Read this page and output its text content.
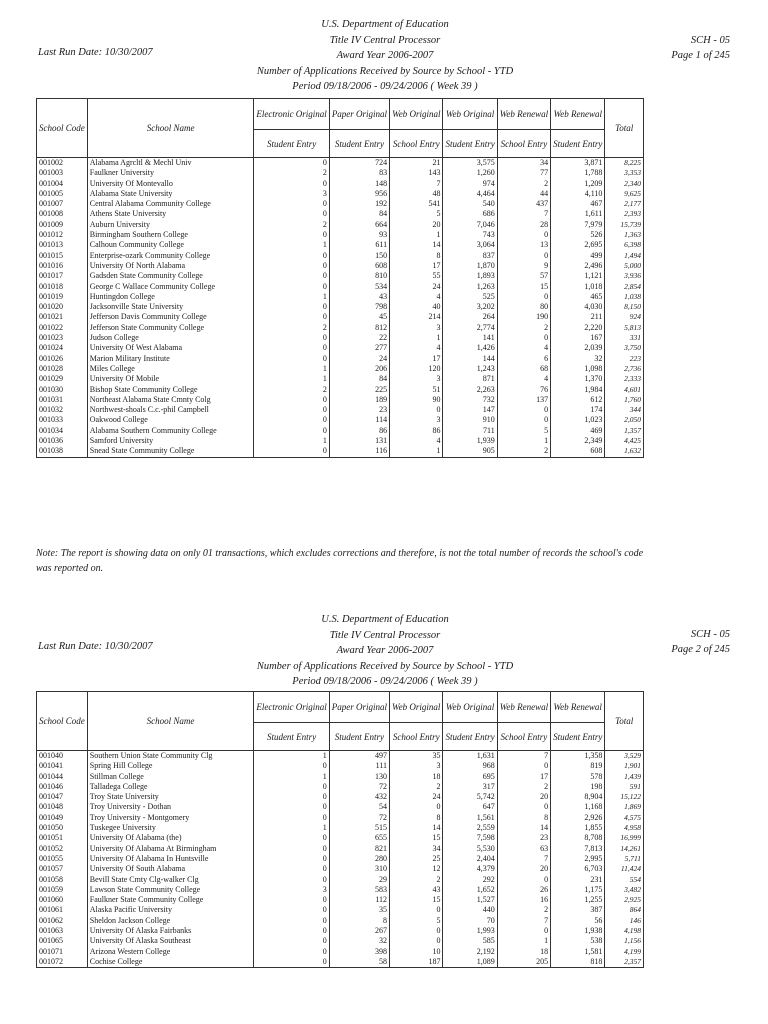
U.S. Department of Education
Title IV Central Processor
Award Year 2006-2007
Number of Applications Received by Source by School - YTD
Period 09/18/2006 - 09/24/2006 ( Week 39 )
Last Run Date: 10/30/2007
SCH - 05
Page 1 of 245
School Code	School Name	Electronic Original	Paper Original	Web Original	Web Original	Web Renewal	Web Renewal	Total
		Student Entry	Student Entry	School Entry	Student Entry	School Entry	Student Entry	
001002	Alabama Agrcltl & Mechl Univ	0	724	21	3,575	34	3,871	8,225
001003	Faulkner University	2	83	143	1,260	77	1,788	3,353
001004	University Of Montevallo	0	148	7	974	2	1,209	2,340
001005	Alabama State University	3	956	48	4,464	44	4,110	9,625
001007	Central Alabama Community College	0	192	541	540	437	467	2,177
001008	Athens State University	0	84	5	686	7	1,611	2,393
001009	Auburn University	2	664	20	7,046	28	7,979	15,739
001012	Birmingham Southern College	0	93	1	743	0	526	1,363
001013	Calhoun Community College	1	611	14	3,064	13	2,695	6,398
001015	Enterprise-ozark Community College	0	150	8	837	0	499	1,494
001016	University Of North Alabama	0	608	17	1,870	9	2,496	5,000
001017	Gadsden State Community College	0	810	55	1,893	57	1,121	3,936
001018	George C Wallace Community College	0	534	24	1,263	15	1,018	2,854
001019	Huntingdon College	1	43	4	525	0	465	1,038
001020	Jacksonville State University	0	798	40	3,202	80	4,030	8,150
001021	Jefferson Davis Community College	0	45	214	264	190	211	924
001022	Jefferson State Community College	2	812	3	2,774	2	2,220	5,813
001023	Judson College	0	22	1	141	0	167	331
001024	University Of West Alabama	0	277	4	1,426	4	2,039	3,750
001026	Marion Military Institute	0	24	17	144	6	32	223
001028	Miles College	1	206	120	1,243	68	1,098	2,736
001029	University Of Mobile	1	84	3	871	4	1,370	2,333
001030	Bishop State Community College	2	225	51	2,263	76	1,984	4,601
001031	Northeast Alabama State Cmnty Colg	0	189	90	732	137	612	1,760
001032	Northwest-shoals C.c.-phil Campbell	0	23	0	147	0	174	344
001033	Oakwood College	0	114	3	910	0	1,023	2,050
001034	Alabama Southern Community College	0	86	86	711	5	469	1,357
001036	Samford University	1	131	4	1,939	1	2,349	4,425
001038	Snead State Community College	0	116	1	905	2	608	1,632
Note: The report is showing data on only 01 transactions, which excludes corrections and therefore, is not the total number of records the school's code was reported on.
U.S. Department of Education
Title IV Central Processor
Award Year 2006-2007
Number of Applications Received by Source by School - YTD
Period 09/18/2006 - 09/24/2006 ( Week 39 )
Last Run Date: 10/30/2007
SCH - 05
Page 2 of 245
School Code	School Name	Electronic Original	Paper Original	Web Original	Web Original	Web Renewal	Web Renewal	Total
		Student Entry	Student Entry	School Entry	Student Entry	School Entry	Student Entry	
001040	Southern Union State Community Clg	1	497	35	1,631	7	1,358	3,529
001041	Spring Hill College	0	111	3	968	0	819	1,901
001044	Stillman College	1	130	18	695	17	578	1,439
001046	Talladega College	0	72	2	317	2	198	591
001047	Troy State University	0	432	24	5,742	20	8,904	15,122
001048	Troy University - Dothan	0	54	0	647	0	1,168	1,869
001049	Troy University - Montgomery	0	72	8	1,561	8	2,926	4,575
001050	Tuskegee University	1	515	14	2,559	14	1,855	4,958
001051	University Of Alabama (the)	0	655	15	7,598	23	8,708	16,999
001052	University Of Alabama At Birmingham	0	821	34	5,530	63	7,813	14,261
001055	University Of Alabama In Huntsville	0	280	25	2,404	7	2,995	5,711
001057	University Of South Alabama	0	310	12	4,379	20	6,703	11,424
001058	Bevill State Cmty Clg-walker Clg	0	29	2	292	0	231	554
001059	Lawson State Community College	3	583	43	1,652	26	1,175	3,482
001060	Faulkner State Community College	0	112	15	1,527	16	1,255	2,925
001061	Alaska Pacific University	0	35	0	440	2	387	864
001062	Sheldon Jackson College	0	8	5	70	7	56	146
001063	University Of Alaska Fairbanks	0	267	0	1,993	0	1,938	4,198
001065	University Of Alaska Southeast	0	32	0	585	1	538	1,156
001071	Arizona Western College	0	398	10	2,192	18	1,581	4,199
001072	Cochise College	0	58	187	1,089	205	818	2,357
